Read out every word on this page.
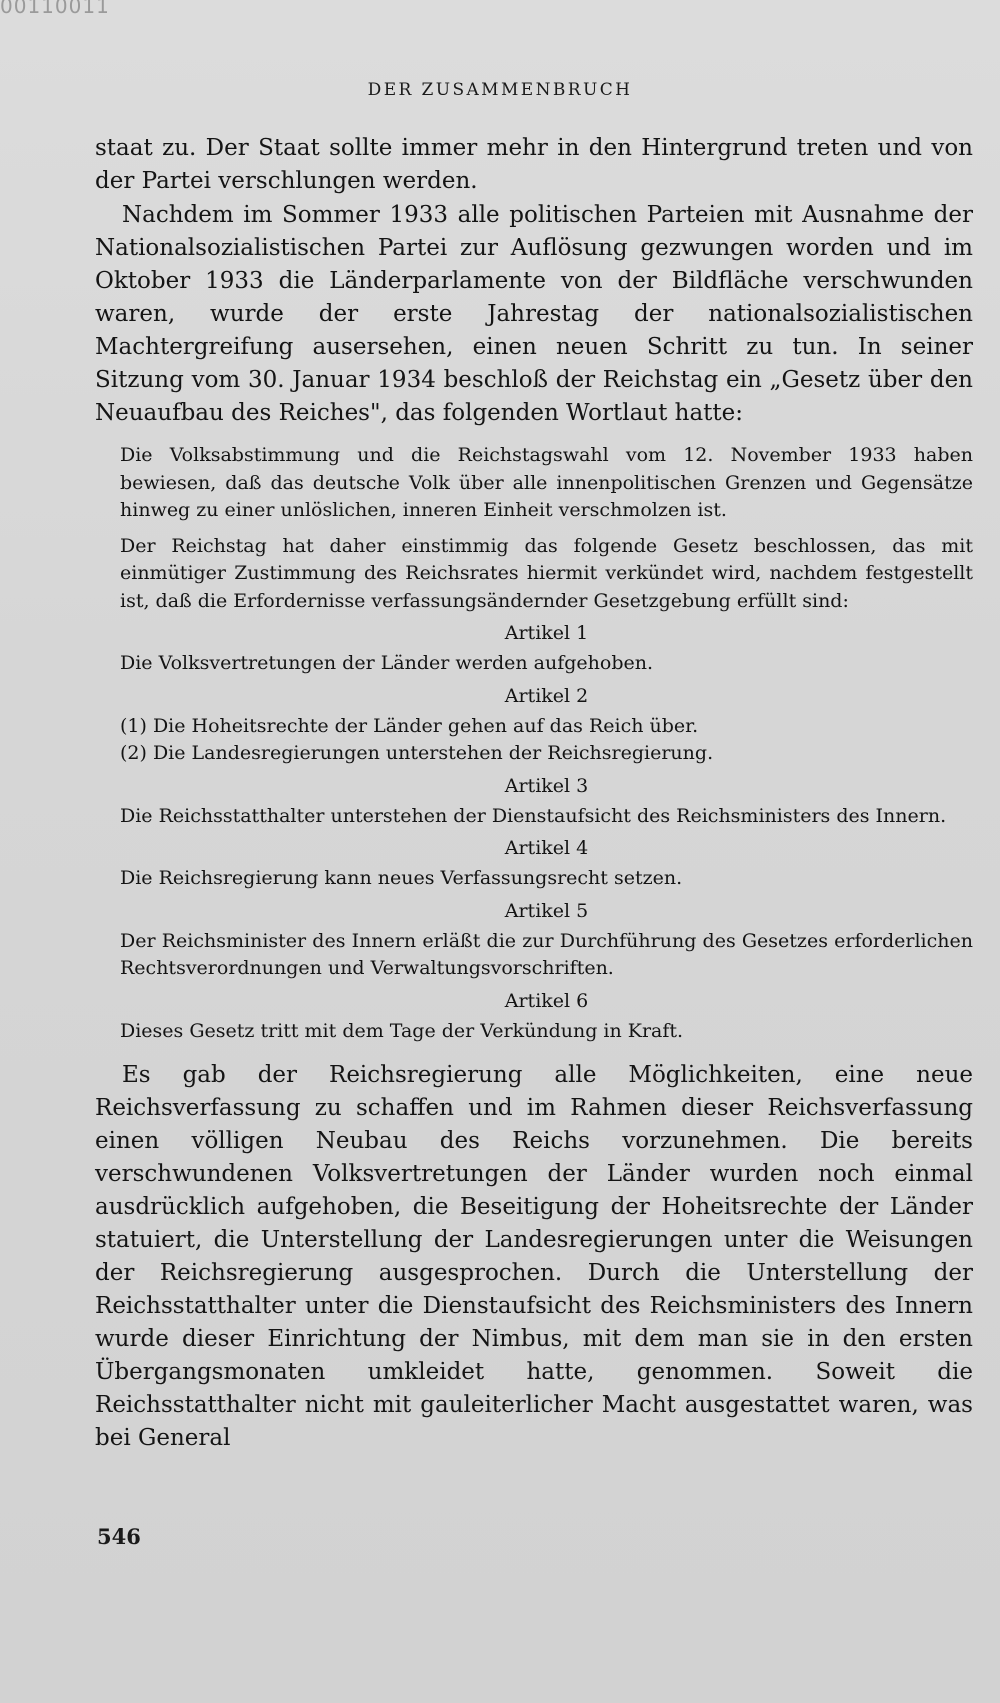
00110011
DER ZUSAMMENBRUCH

staat zu. Der Staat sollte immer mehr in den Hintergrund treten und von der Partei verschlungen werden.

Nachdem im Sommer 1933 alle politischen Parteien mit Ausnahme der Nationalsozialistischen Partei zur Auflösung gezwungen worden und im Oktober 1933 die Länderparlamente von der Bildfläche verschwunden waren, wurde der erste Jahrestag der nationalsozialistischen Machtergreifung ausersehen, einen neuen Schritt zu tun. In seiner Sitzung vom 30. Januar 1934 beschloß der Reichstag ein „Gesetz über den Neuaufbau des Reiches", das folgenden Wortlaut hatte:

Die Volksabstimmung und die Reichstagswahl vom 12. November 1933 haben bewiesen, daß das deutsche Volk über alle innenpolitischen Grenzen und Gegensätze hinweg zu einer unlöslichen, inneren Einheit verschmolzen ist.

Der Reichstag hat daher einstimmig das folgende Gesetz beschlossen, das mit einmütiger Zustimmung des Reichsrates hiermit verkündet wird, nachdem festgestellt ist, daß die Erfordernisse verfassungsändernder Gesetzgebung erfüllt sind:

Artikel 1

Die Volksvertretungen der Länder werden aufgehoben.

Artikel 2

(1) Die Hoheitsrechte der Länder gehen auf das Reich über.

(2) Die Landesregierungen unterstehen der Reichsregierung.

Artikel 3

Die Reichsstatthalter unterstehen der Dienstaufsicht des Reichsministers des Innern.

Artikel 4

Die Reichsregierung kann neues Verfassungsrecht setzen.

Artikel 5

Der Reichsminister des Innern erläßt die zur Durchführung des Gesetzes erforderlichen Rechtsverordnungen und Verwaltungsvorschriften.

Artikel 6

Dieses Gesetz tritt mit dem Tage der Verkündung in Kraft.

Es gab der Reichsregierung alle Möglichkeiten, eine neue Reichsverfassung zu schaffen und im Rahmen dieser Reichsverfassung einen völligen Neubau des Reichs vorzunehmen. Die bereits verschwundenen Volksvertretungen der Länder wurden noch einmal ausdrücklich aufgehoben, die Beseitigung der Hoheitsrechte der Länder statuiert, die Unterstellung der Landesregierungen unter die Weisungen der Reichsregierung ausgesprochen. Durch die Unterstellung der Reichsstatthalter unter die Dienstaufsicht des Reichsministers des Innern wurde dieser Einrichtung der Nimbus, mit dem man sie in den ersten Übergangsmonaten umkleidet hatte, genommen. Soweit die Reichsstatthalter nicht mit gauleiterlicher Macht ausgestattet waren, was bei General

546
